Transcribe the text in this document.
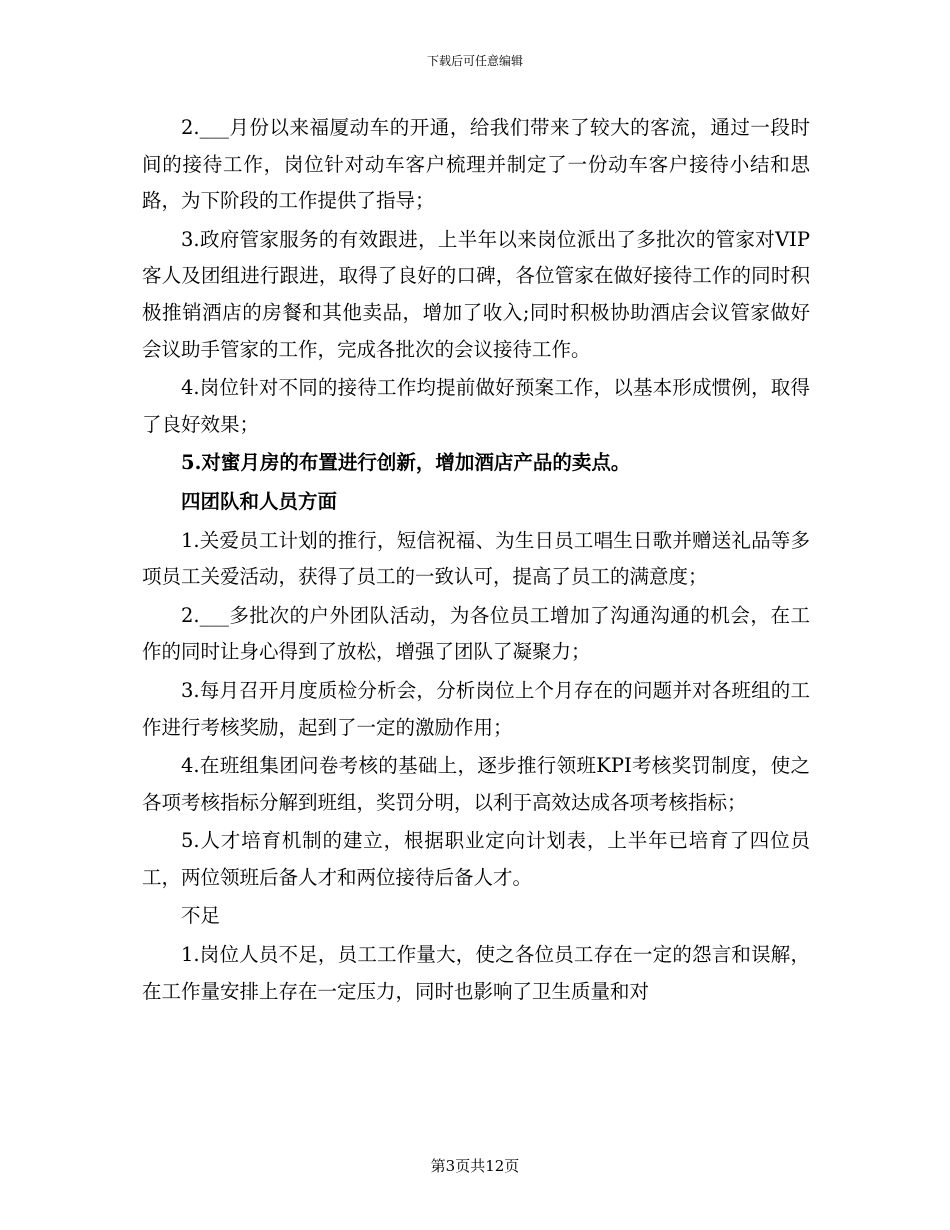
下载后可任意编辑

2.___月份以来福厦动车的开通，给我们带来了较大的客流，通过一段时间的接待工作，岗位针对动车客户梳理并制定了一份动车客户接待小结和思路，为下阶段的工作提供了指导；

3.政府管家服务的有效跟进，上半年以来岗位派出了多批次的管家对VIP客人及团组进行跟进，取得了良好的口碑，各位管家在做好接待工作的同时积极推销酒店的房餐和其他卖品，增加了收入;同时积极协助酒店会议管家做好会议助手管家的工作，完成各批次的会议接待工作。

4.岗位针对不同的接待工作均提前做好预案工作，以基本形成惯例，取得了良好效果；

5.对蜜月房的布置进行创新，增加酒店产品的卖点。

四团队和人员方面

1.关爱员工计划的推行，短信祝福、为生日员工唱生日歌并赠送礼品等多项员工关爱活动，获得了员工的一致认可，提高了员工的满意度；

2.___多批次的户外团队活动，为各位员工增加了沟通沟通的机会，在工作的同时让身心得到了放松，增强了团队了凝聚力；

3.每月召开月度质检分析会，分析岗位上个月存在的问题并对各班组的工作进行考核奖励，起到了一定的激励作用；

4.在班组集团问卷考核的基础上，逐步推行领班KPI考核奖罚制度，使之各项考核指标分解到班组，奖罚分明，以利于高效达成各项考核指标；

5.人才培育机制的建立，根据职业定向计划表，上半年已培育了四位员工，两位领班后备人才和两位接待后备人才。

不足

1.岗位人员不足，员工工作量大，使之各位员工存在一定的怨言和误解，在工作量安排上存在一定压力，同时也影响了卫生质量和对

第3页共12页
